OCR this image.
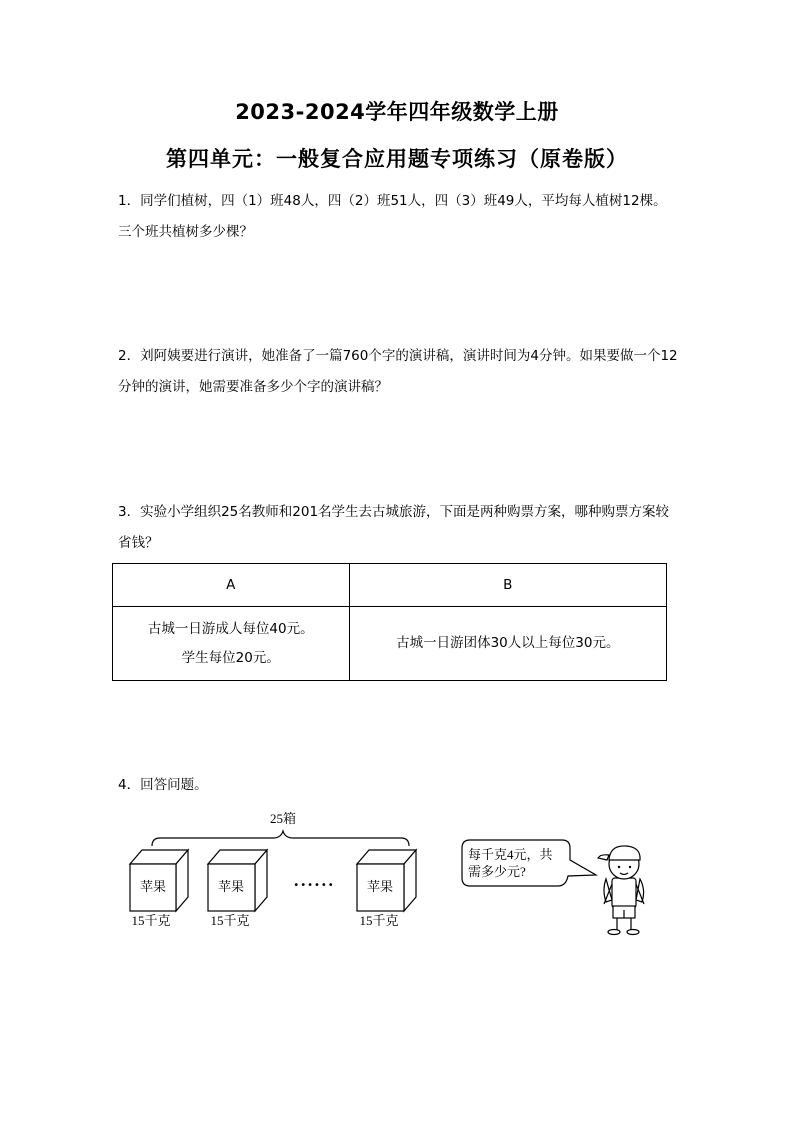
2023-2024学年四年级数学上册
第四单元：一般复合应用题专项练习（原卷版）
1．同学们植树，四（1）班48人，四（2）班51人，四（3）班49人，平均每人植树12棵。三个班共植树多少棵？
2．刘阿姨要进行演讲，她准备了一篇760个字的演讲稿，演讲时间为4分钟。如果要做一个12分钟的演讲，她需要准备多少个字的演讲稿？
3．实验小学组织25名教师和201名学生去古城旅游，下面是两种购票方案，哪种购票方案较省钱？
A	B

古城一日游成人每位40元。
学生每位20元。	古城一日游团体30人以上每位30元。
4．回答问题。
25箱
苹果
15千克
苹果
15千克
•••••• 苹果
15千克
每千克4元，共
需多少元?
